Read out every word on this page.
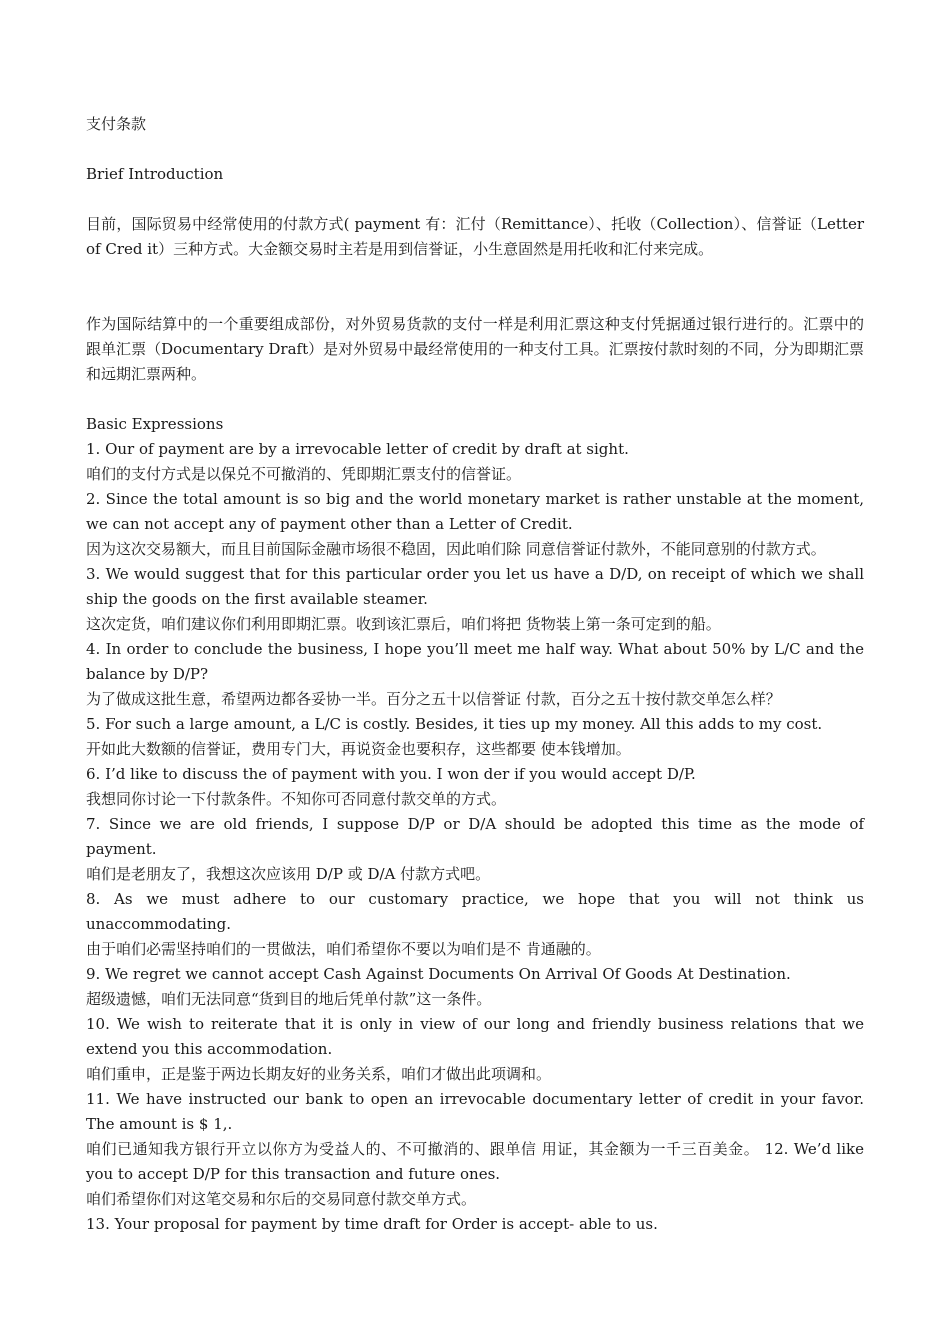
支付条款

Brief Introduction

目前，国际贸易中经常使用的付款方式( payment 有：汇付（Remittance）、托收（Collection）、信誉证（Letter of Cred it）三种方式。大金额交易时主若是用到信誉证，小生意固然是用托收和汇付来完成。

作为国际结算中的一个重要组成部份，对外贸易货款的支付一样是利用汇票这种支付凭据通过银行进行的。汇票中的跟单汇票（Documentary Draft）是对外贸易中最经常使用的一种支付工具。汇票按付款时刻的不同，分为即期汇票和远期汇票两种。

Basic Expressions

1. Our of payment are by a irrevocable letter of credit by draft at sight.

咱们的支付方式是以保兑不可撤消的、凭即期汇票支付的信誉证。

2. Since the total amount is so big and the world monetary market is rather unstable at the moment, we can not accept any of payment other than a Letter of Credit.

因为这次交易额大，而且目前国际金融市场很不稳固，因此咱们除 同意信誉证付款外，不能同意别的付款方式。

3. We would suggest that for this particular order you let us have a D/D, on receipt of which we shall ship the goods on the first available steamer.

这次定货，咱们建议你们利用即期汇票。收到该汇票后，咱们将把 货物装上第一条可定到的船。

4. In order to conclude the business, I hope you’ll meet me half way. What about 50% by L/C and the balance by D/P?

为了做成这批生意，希望两边都各妥协一半。百分之五十以信誉证 付款，百分之五十按付款交单怎么样？

5. For such a large amount, a L/C is costly. Besides, it ties up my money. All this adds to my cost.

开如此大数额的信誉证，费用专门大，再说资金也要积存，这些都要 使本钱增加。

6. I’d like to discuss the of payment with you. I won der if you would accept D/P.

我想同你讨论一下付款条件。不知你可否同意付款交单的方式。

7. Since we are old friends, I suppose D/P or D/A should be adopted this time as the mode of payment.

咱们是老朋友了，我想这次应该用 D/P 或 D/A 付款方式吧。

8. As we must adhere to our customary practice, we hope that you will not think us unaccommodating.

由于咱们必需坚持咱们的一贯做法，咱们希望你不要以为咱们是不 肯通融的。

9. We regret we cannot accept Cash Against Documents On Arrival Of Goods At Destination.

超级遗憾，咱们无法同意“货到目的地后凭单付款”这一条件。

10. We wish to reiterate that it is only in view of our long and friendly business relations that we extend you this accommodation.

咱们重申，正是鉴于两边长期友好的业务关系，咱们才做出此项调和。

11. We have instructed our bank to open an irrevocable documentary letter of credit in your favor. The amount is $ 1,.

咱们已通知我方银行开立以你方为受益人的、不可撤消的、跟单信 用证，其金额为一千三百美金。 12. We’d like you to accept D/P for this transaction and future ones.

咱们希望你们对这笔交易和尔后的交易同意付款交单方式。

13. Your proposal for payment by time draft for Order is accept- able to us.
